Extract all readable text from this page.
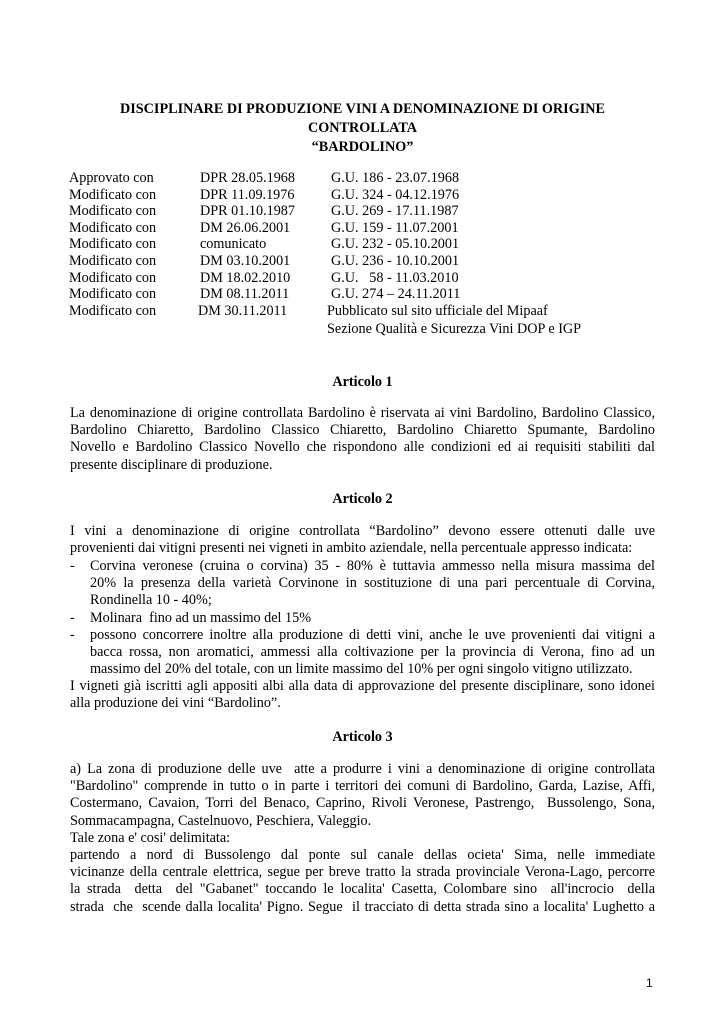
DISCIPLINARE DI PRODUZIONE VINI A DENOMINAZIONE DI ORIGINE
CONTROLLATA
“BARDOLINO”
Approvato con	DPR 28.05.1968	G.U. 186 - 23.07.1968
Modificato con	DPR 11.09.1976	G.U. 324 - 04.12.1976
Modificato con	DPR 01.10.1987	G.U. 269 - 17.11.1987
Modificato con	DM 26.06.2001	G.U. 159 - 11.07.2001
Modificato con	comunicato	G.U. 232 - 05.10.2001
Modificato con	DM 03.10.2001	G.U. 236 - 10.10.2001
Modificato con	DM 18.02.2010	G.U.   58 - 11.03.2010
Modificato con	DM 08.11.2011	G.U. 274 – 24.11.2011
Modificato con	DM 30.11.2011	Pubblicato sul sito ufficiale del Mipaaf
Sezione Qualità e Sicurezza Vini DOP e IGP
Articolo 1
La denominazione di origine controllata Bardolino è riservata ai vini Bardolino, Bardolino Classico,
Bardolino Chiaretto, Bardolino Classico Chiaretto, Bardolino Chiaretto Spumante, Bardolino
Novello e Bardolino Classico Novello che rispondono alle condizioni ed ai requisiti stabiliti dal
presente disciplinare di produzione.
Articolo 2
I vini a denominazione di origine controllata “Bardolino” devono essere ottenuti dalle uve
provenienti dai vitigni presenti nei vigneti in ambito aziendale, nella percentuale appresso indicata:
- Corvina veronese (cruina o corvina) 35 - 80% è tuttavia ammesso nella misura massima del
20% la presenza della varietà Corvinone in sostituzione di una pari percentuale di Corvina,
Rondinella 10 - 40%;
- Molinara  fino ad un massimo del 15%
- possono concorrere inoltre alla produzione di detti vini, anche le uve provenienti dai vitigni a
bacca rossa, non aromatici, ammessi alla coltivazione per la provincia di Verona, fino ad un
massimo del 20% del totale, con un limite massimo del 10% per ogni singolo vitigno utilizzato.
I vigneti già iscritti agli appositi albi alla data di approvazione del presente disciplinare, sono idonei
alla produzione dei vini “Bardolino”.
Articolo 3
a) La zona di produzione delle uve  atte a produrre i vini a denominazione di origine controllata
"Bardolino" comprende in tutto o in parte i territori dei comuni di Bardolino, Garda, Lazise, Affi,
Costermano, Cavaion, Torri del Benaco, Caprino, Rivoli Veronese, Pastrengo,  Bussolengo, Sona,
Sommacampagna, Castelnuovo, Peschiera, Valeggio.
Tale zona e' cosi' delimitata:
partendo a nord di Bussolengo dal ponte sul canale dellas ocieta' Sima, nelle immediate
vicinanze della centrale elettrica, segue per breve tratto la strada provinciale Verona-Lago, percorre
la strada  detta  del "Gabanet" toccando le localita' Casetta, Colombare sino  all'incrocio  della
strada  che  scende dalla localita' Pigno. Segue  il tracciato di detta strada sino a localita' Lughetto a
1
